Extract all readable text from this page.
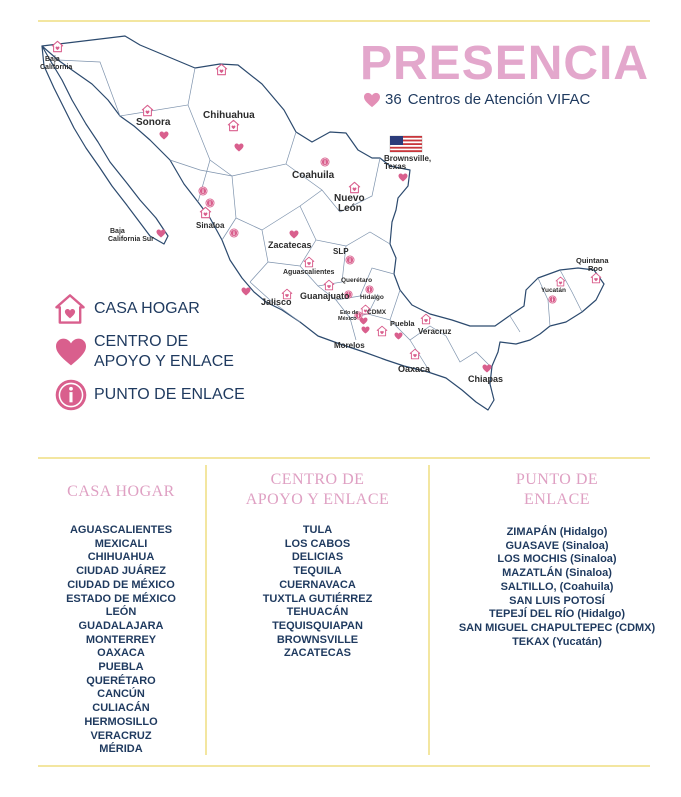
Baja
California
Baja
California Sur
Sonora
Chihuahua
Coahuila
Nuevo
León
Brownsville,
Texas
Sinaloa
Zacatecas
SLP
Aguascalientes
Querétaro
Hidalgo
Edo de
México
CDMX
Jalisco
Guanajuato
Puebla
Veracruz
Morelos
Oaxaca
Chiapas
Yucatán
Quintana
Roo
PRESENCIA
36 Centros de Atención VIFAC
CASA HOGAR
CENTRO DE
APOYO Y ENLACE
PUNTO DE ENLACE
CASA HOGAR
AGUASCALIENTES
MEXICALI
CHIHUAHUA
CIUDAD JUÁREZ
CIUDAD DE MÉXICO
ESTADO DE MÉXICO
LEÓN
GUADALAJARA
MONTERREY
OAXACA
PUEBLA
QUERÉTARO
CANCÚN
CULIACÁN
HERMOSILLO
VERACRUZ
MÉRIDA
CENTRO DE
APOYO Y ENLACE
TULA
LOS CABOS
DELICIAS
TEQUILA
CUERNAVACA
TUXTLA GUTIÉRREZ
TEHUACÁN
TEQUISQUIAPAN
BROWNSVILLE
ZACATECAS
PUNTO DE
ENLACE
ZIMAPÁN (Hidalgo)
GUASAVE (Sinaloa)
LOS MOCHIS (Sinaloa)
MAZATLÁN (Sinaloa)
SALTILLO, (Coahuila)
SAN LUIS POTOSÍ
TEPEJÍ DEL RÍO (Hidalgo)
SAN MIGUEL CHAPULTEPEC (CDMX)
TEKAX (Yucatán)
